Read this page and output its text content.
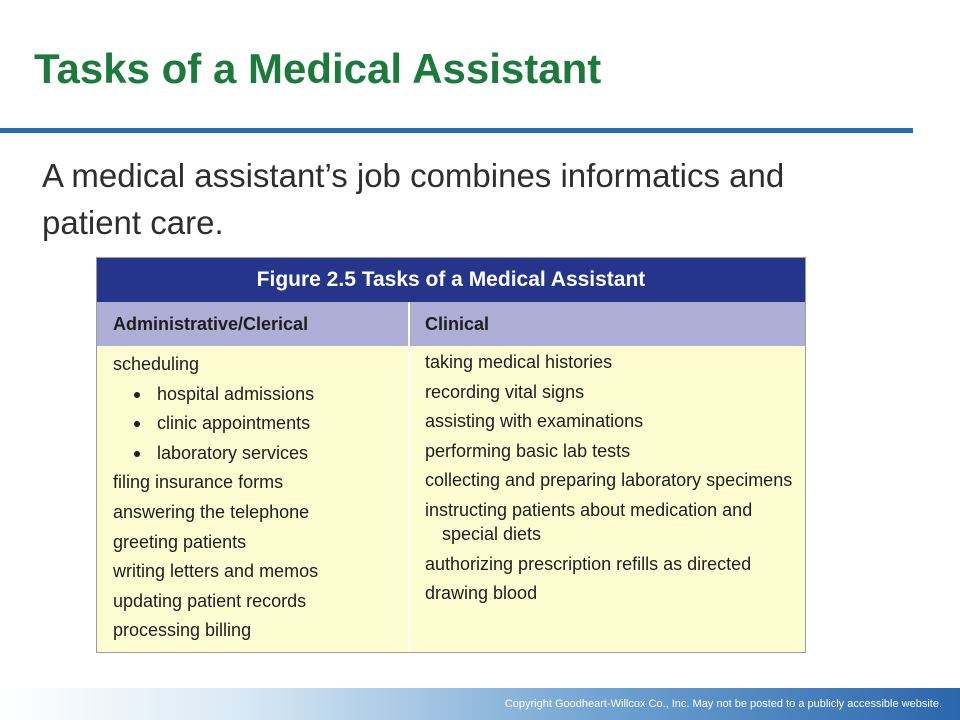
Tasks of a Medical Assistant

A medical assistant’s job combines informatics and patient care.

Figure 2.5 Tasks of a Medical Assistant
Administrative/Clerical	Clinical
scheduling
hospital admissions
clinic appointments
laboratory services
filing insurance forms
answering the telephone
greeting patients
writing letters and memos
updating patient records
processing billing
taking medical histories
recording vital signs
assisting with examinations
performing basic lab tests
collecting and preparing laboratory specimens
instructing patients about medication and special diets
authorizing prescription refills as directed
drawing blood
Copyright Goodheart-Willcox Co., Inc. May not be posted to a publicly accessible website.
